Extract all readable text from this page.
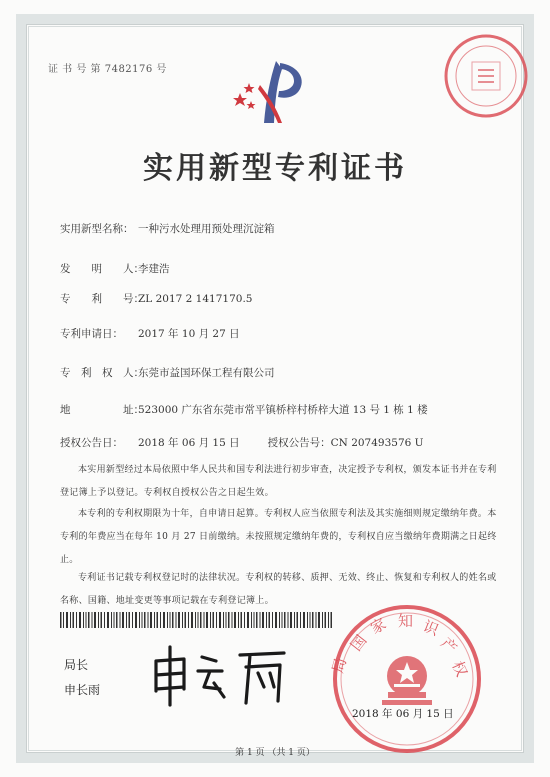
证 书 号 第 7482176 号
实用新型专利证书
实用新型名称： 一种污水处理用预处理沉淀箱
发　　明　　人：李建浩
专　　利　　号：ZL 2017 2 1417170.5
专利申请日： 2017 年 10 月 27 日
专　利　权　人：东莞市益国环保工程有限公司
地　　　　　址：523000 广东省东莞市常平镇桥梓村桥梓大道 13 号 1 栋 1 楼
授权公告日： 2018 年 06 月 15 日	授权公告号：CN 207493576 U
本实用新型经过本局依照中华人民共和国专利法进行初步审查，决定授予专利权，颁发本证书并在专利登记簿上予以登记。专利权自授权公告之日起生效。
本专利的专利权期限为十年，自申请日起算。专利权人应当依照专利法及其实施细则规定缴纳年费。本专利的年费应当在每年 10 月 27 日前缴纳。未按照规定缴纳年费的，专利权自应当缴纳年费期满之日起终止。
专利证书记载专利权登记时的法律状况。专利权的转移、质押、无效、终止、恢复和专利权人的姓名或名称、国籍、地址变更等事项记载在专利登记簿上。
局长
申长雨
国
家 知 识
产
权
局
2018 年 06 月 15 日
第 1 页 （共 1 页）
